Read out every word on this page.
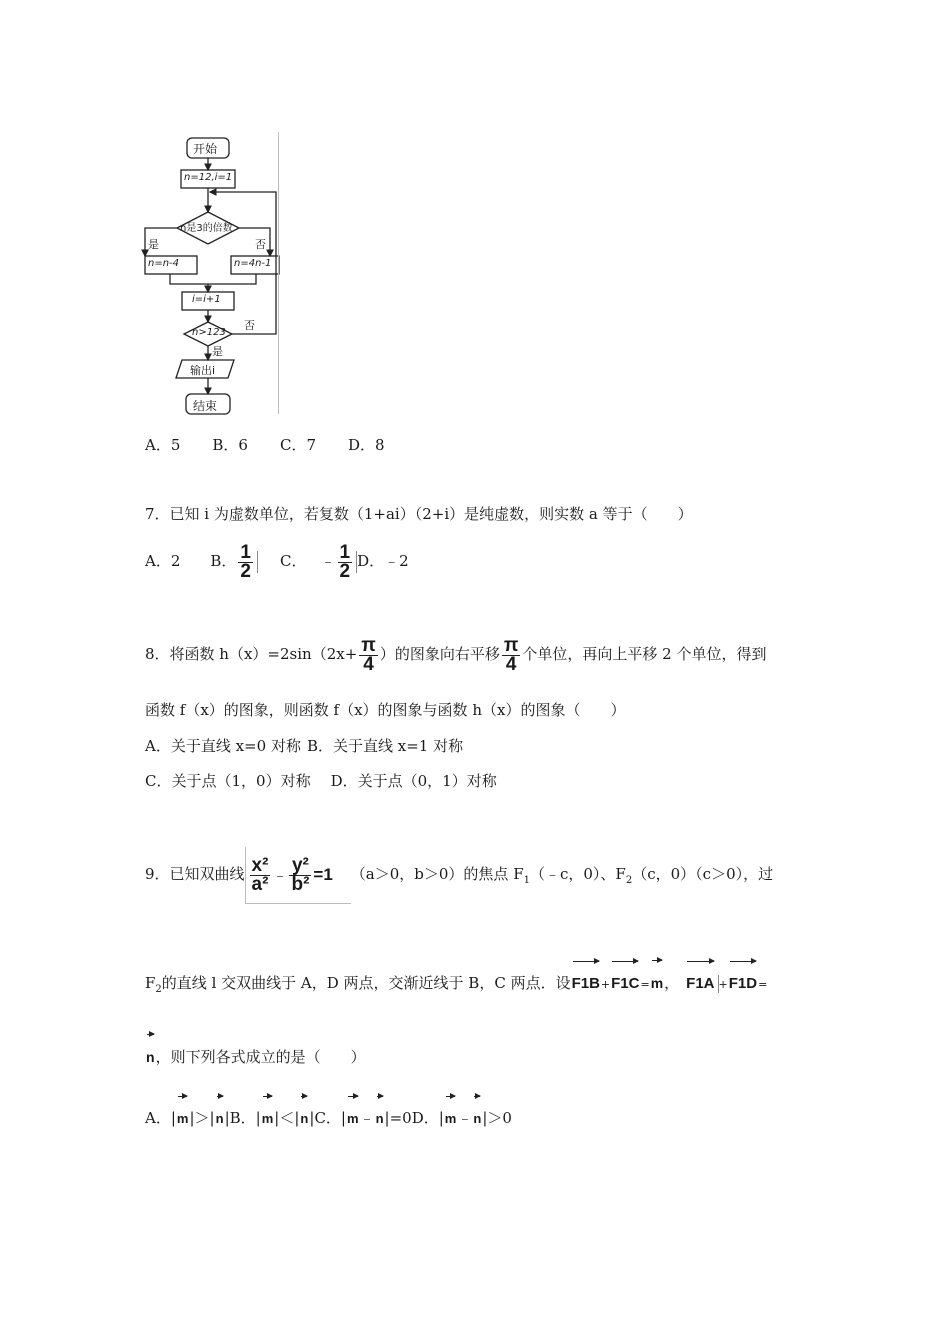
开始
n=12,i=1
n是3的倍数
是	否
n=n-4	n=4n-1
i=i+1
n>123
否
是
输出i
结束
A．5 B．6 C．7 D．8
7．已知 i 为虚数单位，若复数（1+ai）（2+i）是纯虚数，则实数 a 等于（　　）
A．2 B． $\frac{1}{2}$ C． ﹣ $\frac{1}{2}$ D．﹣2
8．将函数 $h(x)=2\sin(2x+ \frac{\pi}{4}$ ）的图象向右平移 $\frac{\pi}{4}$ 个单位，再向上平移 2 个单位，得到
函数 f（x）的图象，则函数 f（x）的图象与函数 h（x）的图象（　　）
A．关于直线 x=0 对称 B．关于直线 x=1 对称
C．关于点（1，0）对称 D．关于点（0，1）对称
9．已知双曲线 $\frac{\text{x²}}{\text{a²}}$ ﹣ $\frac{\text{y²}}{\text{b²}} =1$ （a＞0，b＞0）的焦点 $F_1(﹣c$，0）、$F_2(c$，0）（c＞0），过
$F_2$的直线 l 交双曲线于 A，D 两点，交渐近线于 B，C 两点．设F1B+F1C=m， F1A +F1D=
n，则下列各式成立的是（　　）
A．|m|＞|n|B．|m|＜|n|C．|m﹣n|=0D．|m﹣n|＞0
